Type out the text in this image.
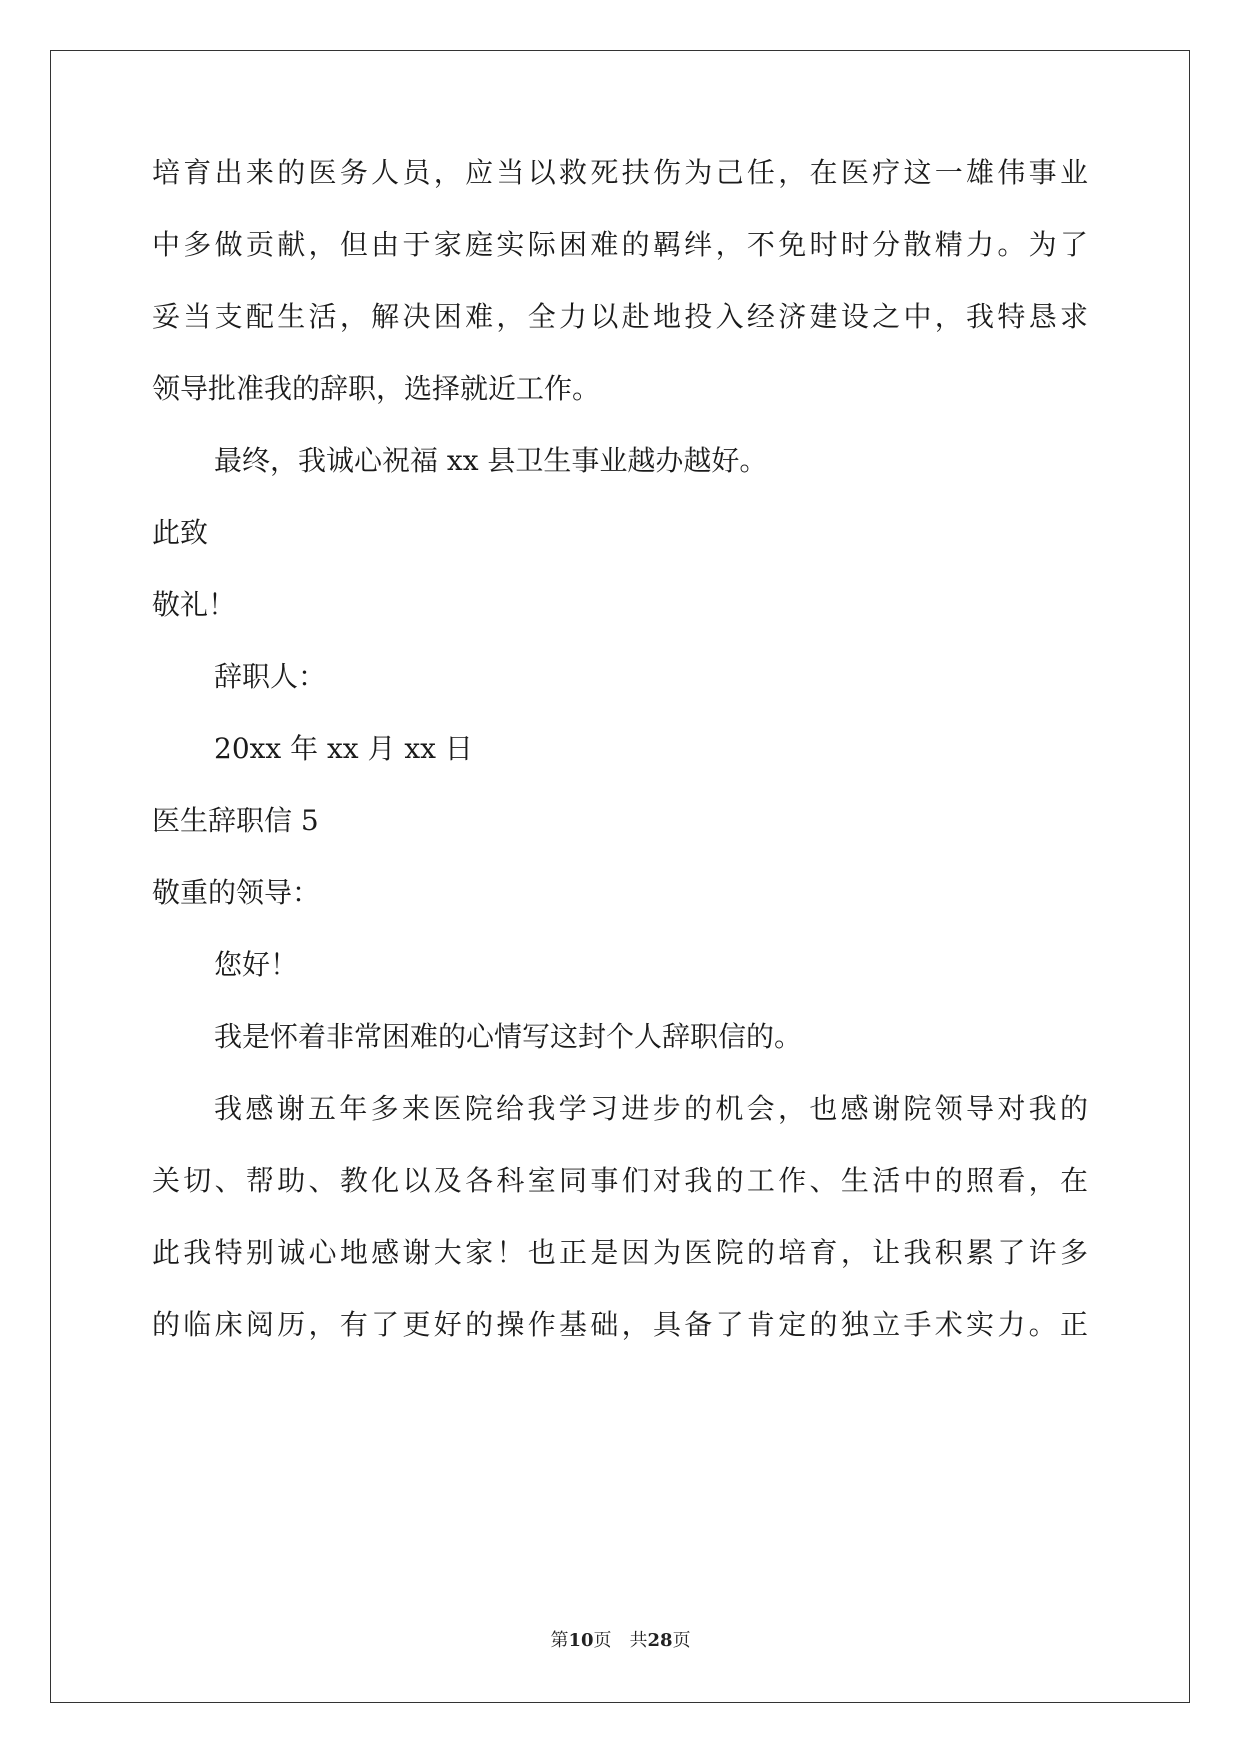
培育出来的医务人员，应当以救死扶伤为己任，在医疗这一雄伟事业
中多做贡献，但由于家庭实际困难的羁绊，不免时时分散精力。为了
妥当支配生活，解决困难，全力以赴地投入经济建设之中，我特恳求
领导批准我的辞职，选择就近工作。
最终，我诚心祝福 xx 县卫生事业越办越好。
此致
敬礼！
辞职人：
20xx 年 xx 月 xx 日
医生辞职信 5
敬重的领导：
您好！
我是怀着非常困难的心情写这封个人辞职信的。
我感谢五年多来医院给我学习进步的机会，也感谢院领导对我的
关切、帮助、教化以及各科室同事们对我的工作、生活中的照看，在
此我特别诚心地感谢大家！也正是因为医院的培育，让我积累了许多
的临床阅历，有了更好的操作基础，具备了肯定的独立手术实力。正
第10页 共28页
